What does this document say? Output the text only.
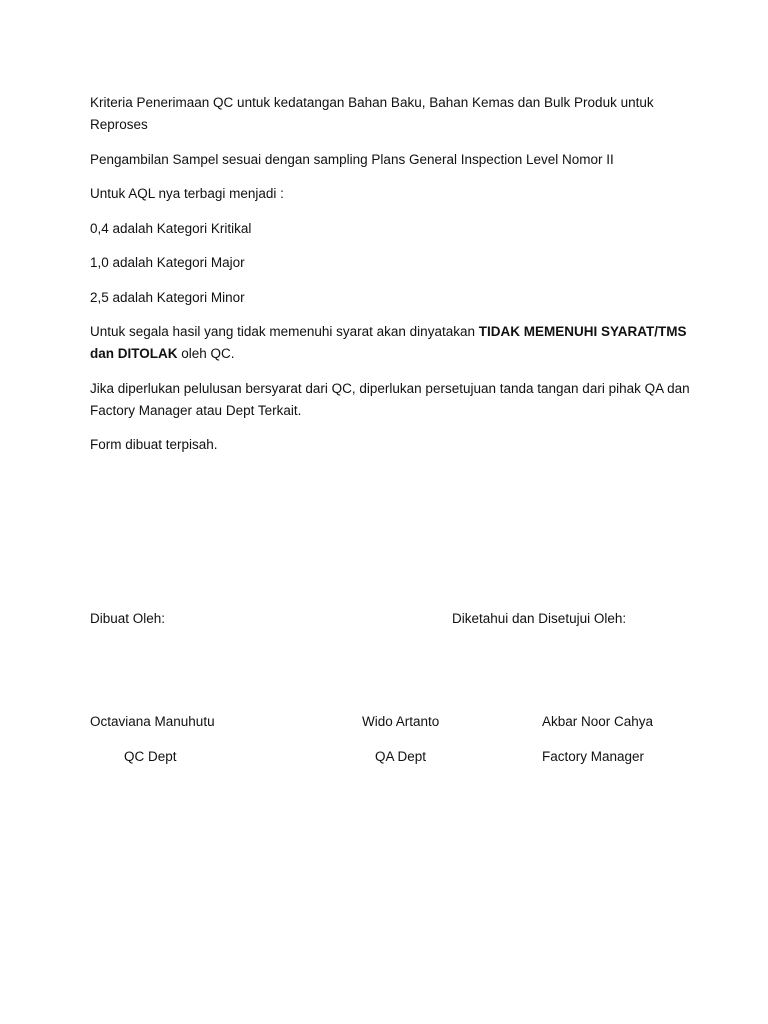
Kriteria Penerimaan QC untuk kedatangan Bahan Baku, Bahan Kemas dan Bulk Produk untuk Reproses

Pengambilan Sampel sesuai dengan sampling Plans General Inspection Level Nomor II

Untuk AQL nya terbagi menjadi :

0,4 adalah Kategori Kritikal

1,0 adalah Kategori Major

2,5 adalah Kategori Minor

Untuk segala hasil yang tidak memenuhi syarat akan dinyatakan TIDAK MEMENUHI SYARAT/TMS dan DITOLAK oleh QC.

Jika diperlukan pelulusan bersyarat dari QC, diperlukan persetujuan tanda tangan dari pihak QA dan Factory Manager atau Dept Terkait.

Form dibuat terpisah.

Dibuat Oleh:	Diketahui dan Disetujui Oleh:
Octaviana Manuhutu	Wido Artanto	Akbar Noor Cahya
QC Dept	QA Dept	Factory Manager
